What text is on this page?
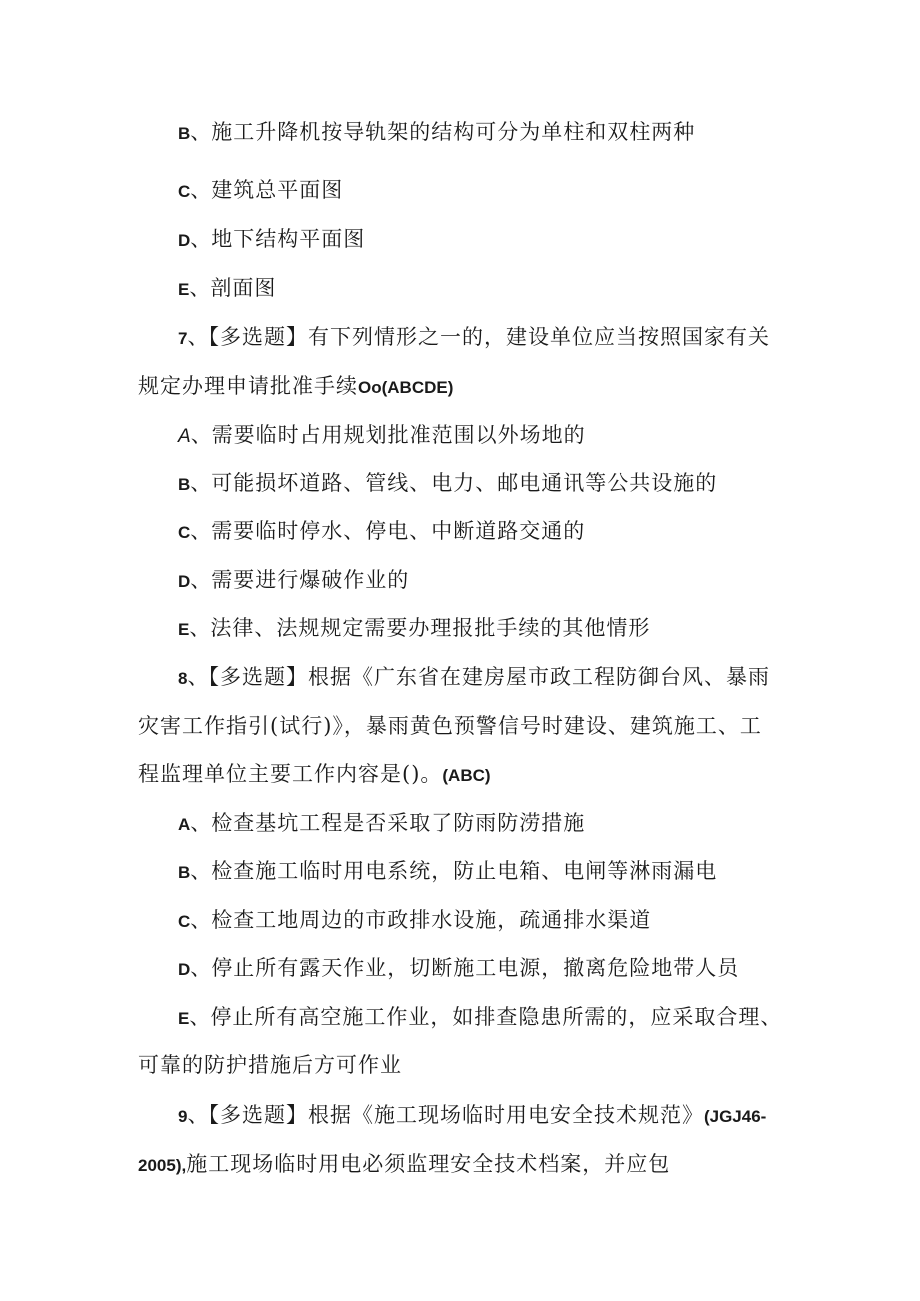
B、施工升降机按导轨架的结构可分为单柱和双柱两种
C、建筑总平面图
D、地下结构平面图
E、剖面图
7、【多选题】有下列情形之一的，建设单位应当按照国家有关
规定办理申请批准手续Oo(ABCDE)
A、需要临时占用规划批准范围以外场地的
B、可能损坏道路、管线、电力、邮电通讯等公共设施的
C、需要临时停水、停电、中断道路交通的
D、需要进行爆破作业的
E、法律、法规规定需要办理报批手续的其他情形
8、【多选题】根据《广东省在建房屋市政工程防御台风、暴雨
灾害工作指引(试行)》，暴雨黄色预警信号时建设、建筑施工、工
程监理单位主要工作内容是()。(ABC)
A、检查基坑工程是否采取了防雨防涝措施
B、检查施工临时用电系统，防止电箱、电闸等淋雨漏电
C、检查工地周边的市政排水设施，疏通排水渠道
D、停止所有露天作业，切断施工电源，撤离危险地带人员
E、停止所有高空施工作业，如排查隐患所需的，应采取合理、
可靠的防护措施后方可作业
9、【多选题】根据《施工现场临时用电安全技术规范》(JGJ46-
2005),施工现场临时用电必须监理安全技术档案，并应包
